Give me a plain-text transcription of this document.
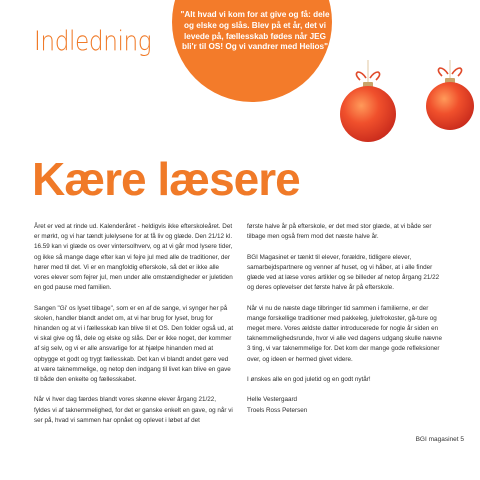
Indledning
"Alt hvad vi kom for at give og få: dele og elske og slås. Blev på et år, det vi levede på, fællesskab fødes når JEG bli'r til OS! Og vi vandrer med Helios"
Kære læsere

Året er ved at rinde ud. Kalenderåret - heldigvis ikke efterskoleåret. Det er mørkt, og vi har tændt julelysene for at få liv og glæde. Den 21/12 kl. 16.59 kan vi glæde os over vintersolhverv, og at vi går mod lysere tider, og ikke så mange dage efter kan vi fejre jul med alle de traditioner, der hører med til det. Vi er en mangfoldig efterskole, så det er ikke alle vores elever som fejrer jul, men under alle omstændigheder er juletiden en god pause med familien.

Sangen "Gi' os lyset tilbage", som er en af de sange, vi synger her på skolen, handler blandt andet om, at vi har brug for lyset, brug for hinanden og at vi i fællesskab kan blive til et OS. Den folder også ud, at vi skal give og få, dele og elske og slås. Der er ikke noget, der kommer af sig selv, og vi er alle ansvarlige for at hjælpe hinanden med at opbygge et godt og trygt fællesskab. Det kan vi blandt andet gøre ved at være taknemmelige, og netop den indgang til livet kan blive en gave til både den enkelte og fællesskabet.

Når vi hver dag færdes blandt vores skønne elever årgang 21/22, fyldes vi af taknemmelighed, for det er ganske enkelt en gave, og når vi ser på, hvad vi sammen har opnået og oplevet i løbet af det

første halve år på efterskole, er det med stor glæde, at vi både ser tilbage men også frem mod det næste halve år.

BGI Magasinet er tænkt til elever, forældre, tidligere elever, samarbejdspartnere og venner af huset, og vi håber, at i alle finder glæde ved at læse vores artikler og se billeder af netop årgang 21/22 og deres oplevelser det første halve år på efterskole.

Når vi nu de næste dage tilbringer tid sammen i familierne, er der mange forskellige traditioner med pakkeleg, julefrokoster, gå-ture og meget mere. Vores ældste datter introducerede for nogle år siden en taknemmelighedsrunde, hvor vi alle ved dagens udgang skulle nævne 3 ting, vi var taknemmelige for. Det kom der mange gode refleksioner over, og ideen er hermed givet videre.

I ønskes alle en god juletid og en godt nytår!

Helle Vestergaard
Troels Ross Petersen
BGI magasinet 5
